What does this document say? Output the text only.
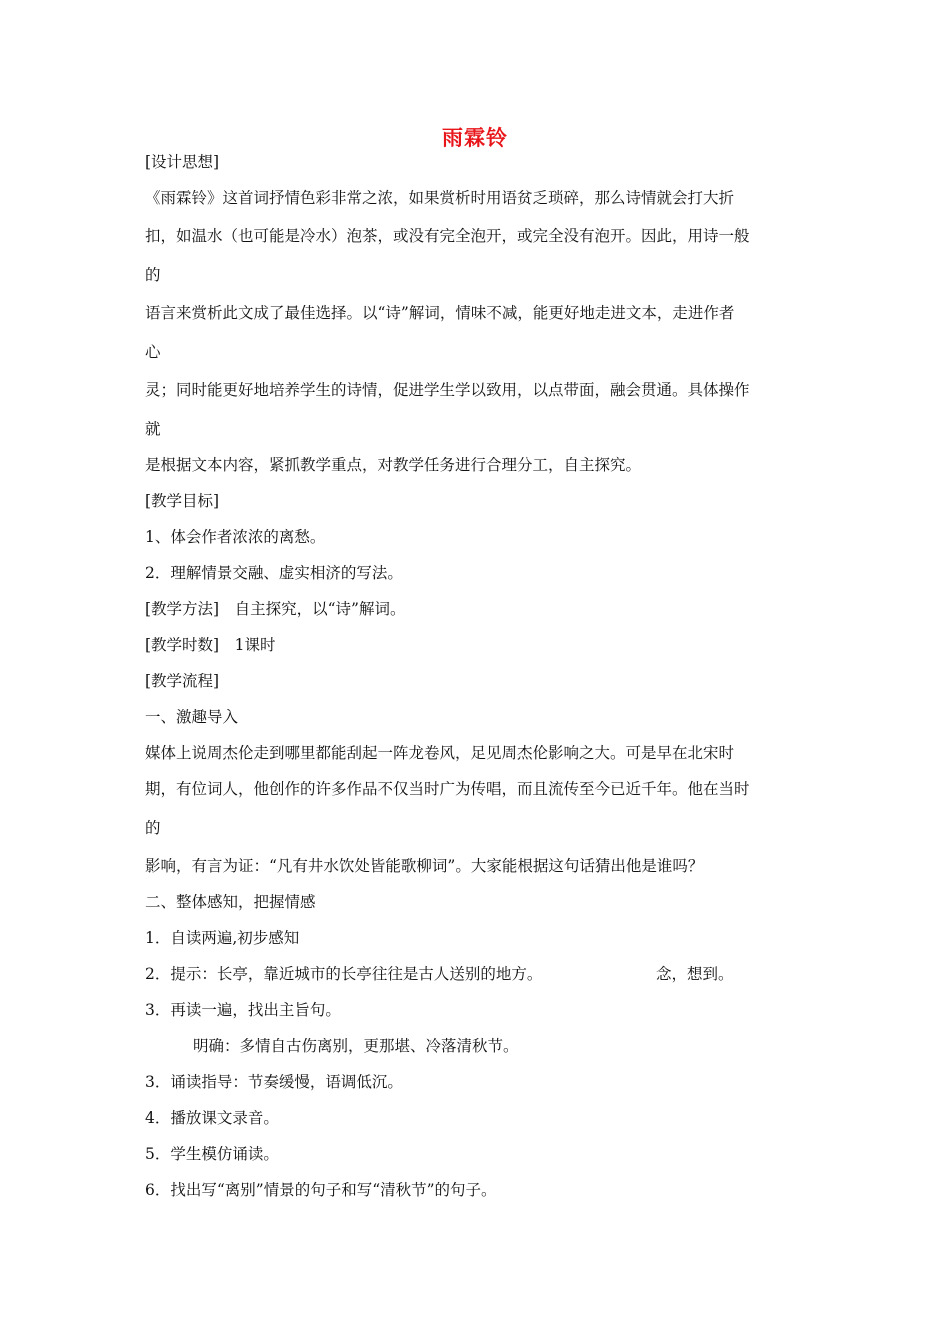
雨霖铃
[设计思想]
《雨霖铃》这首词抒情色彩非常之浓，如果赏析时用语贫乏琐碎，那么诗情就会打大折
扣，如温水（也可能是冷水）泡茶，或没有完全泡开，或完全没有泡开。因此，用诗一般
的
语言来赏析此文成了最佳选择。以“诗”解词，情味不减，能更好地走进文本，走进作者
心
灵；同时能更好地培养学生的诗情，促进学生学以致用，以点带面，融会贯通。具体操作
就
是根据文本内容，紧抓教学重点，对教学任务进行合理分工，自主探究。
[教学目标]
1、体会作者浓浓的离愁。
2．理解情景交融、虚实相济的写法。
[教学方法]　自主探究，以“诗”解词。
[教学时数]　1课时
[教学流程]
一、激趣导入
媒体上说周杰伦走到哪里都能刮起一阵龙卷风，足见周杰伦影响之大。可是早在北宋时
期，有位词人，他创作的许多作品不仅当时广为传唱，而且流传至今已近千年。他在当时
的
影响，有言为证：“凡有井水饮处皆能歌柳词”。大家能根据这句话猜出他是谁吗？
二、整体感知，把握情感
1．自读两遍,初步感知
2．提示：长亭，靠近城市的长亭往往是古人送别的地方。	念，想到。
3．再读一遍，找出主旨句。
明确：多情自古伤离别，更那堪、冷落清秋节。
3．诵读指导：节奏缓慢，语调低沉。
4．播放课文录音。
5．学生模仿诵读。
6．找出写“离别”情景的句子和写“清秋节”的句子。
